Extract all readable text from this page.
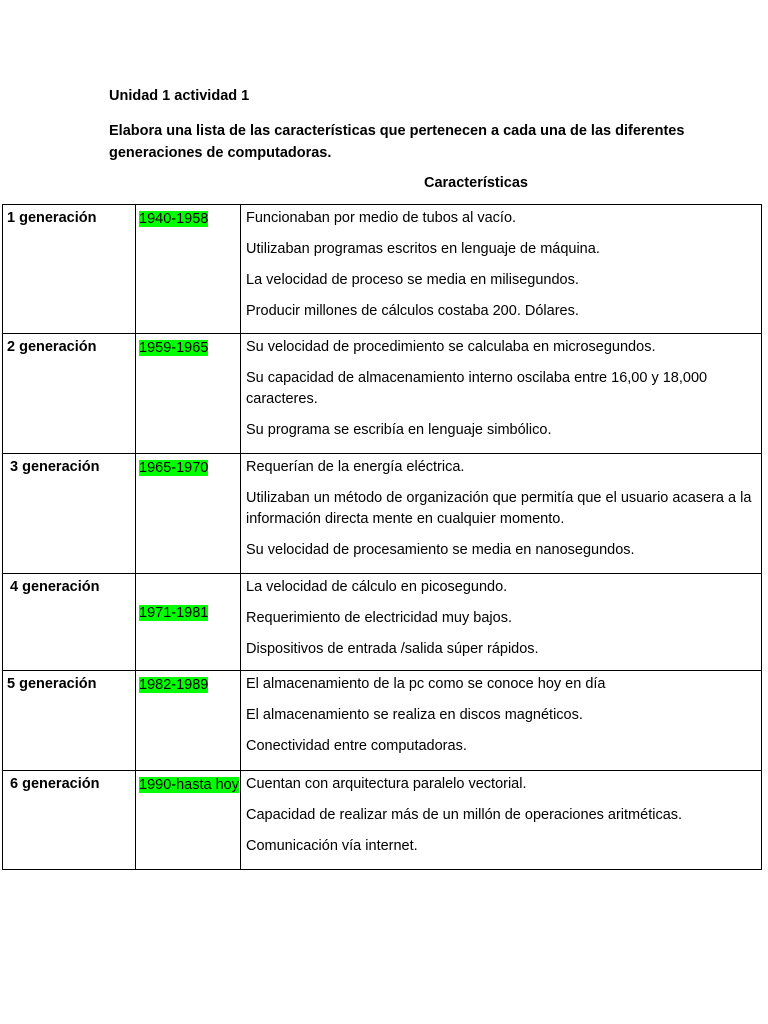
Unidad 1 actividad 1
Elabora una lista de las características que pertenecen a cada una de las diferentes generaciones de computadoras.
Características
1 generación	1940-1958	Funcionaban por medio de tubos al vacío.
Utilizaban programas escritos en lenguaje de máquina.
La velocidad de proceso se media en milisegundos.
Producir millones de cálculos costaba 200. Dólares.

2 generación	1959-1965	Su velocidad de procedimiento se calculaba en microsegundos.
Su capacidad de almacenamiento interno oscilaba entre 16,00 y 18,000 caracteres.
Su programa se escribía en lenguaje simbólico.

3 generación	1965-1970	Requerían de la energía eléctrica.
Utilizaban un método de organización que permitía que el usuario acasera a la información directa mente en cualquier momento.
Su velocidad de procesamiento se media en nanosegundos.

4 generación	1971-1981	La velocidad de cálculo en picosegundo.
Requerimiento de electricidad muy bajos.
Dispositivos de entrada /salida súper rápidos.

5 generación	1982-1989	El almacenamiento de la pc como se conoce hoy en día
El almacenamiento se realiza en discos magnéticos.
Conectividad entre computadoras.

6 generación	1990-hasta hoy	Cuentan con arquitectura paralelo vectorial.
Capacidad de realizar más de un millón de operaciones aritméticas.
Comunicación vía internet.
